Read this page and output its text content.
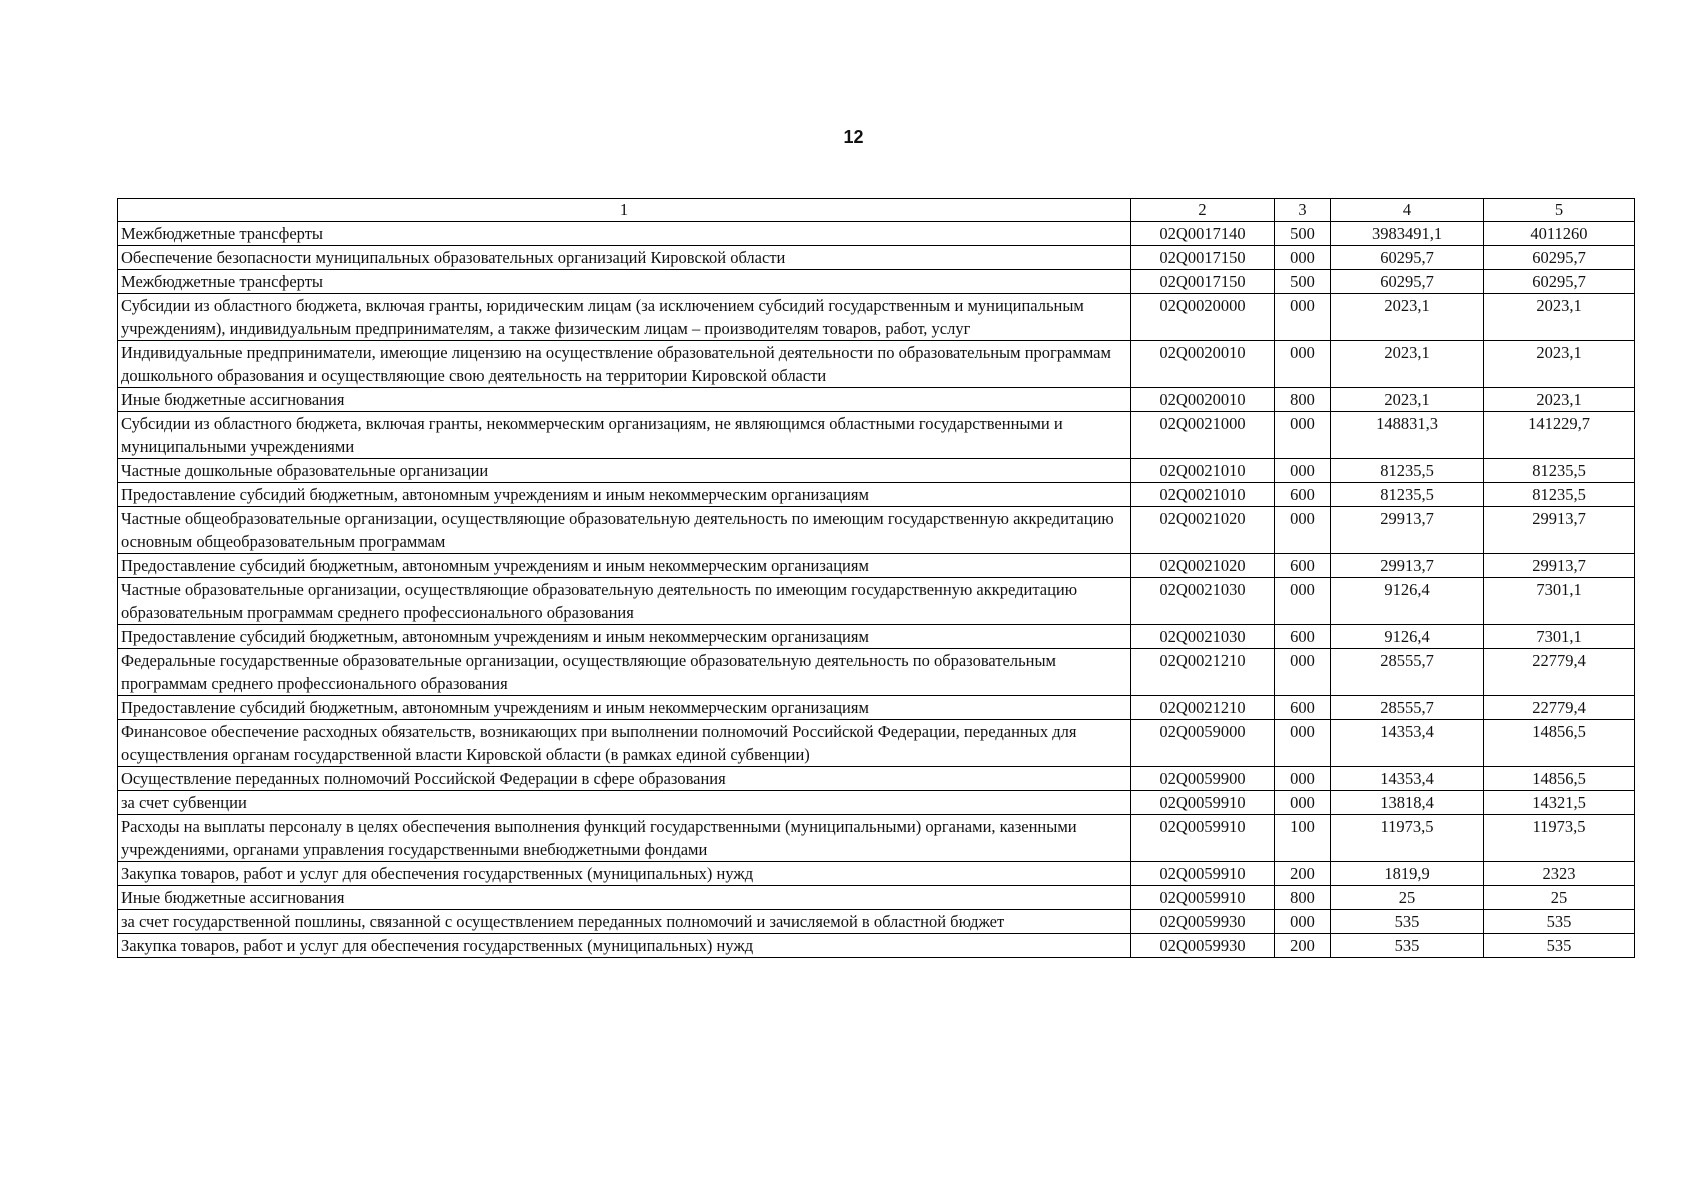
12
1	2	3	4	5
Межбюджетные трансферты	02Q0017140	500	3983491,1	4011260
Обеспечение безопасности муниципальных образовательных организаций Кировской области	02Q0017150	000	60295,7	60295,7
Межбюджетные трансферты	02Q0017150	500	60295,7	60295,7
Субсидии из областного бюджета, включая гранты, юридическим лицам (за исключением субсидий государственным и муниципальным учреждениям), индивидуальным предпринимателям, а также физическим лицам – производителям товаров, работ, услуг	02Q0020000	000	2023,1	2023,1
Индивидуальные предприниматели, имеющие лицензию на осуществление образовательной деятельности по образовательным программам дошкольного образования и осуществляющие свою деятельность на территории Кировской области	02Q0020010	000	2023,1	2023,1
Иные бюджетные ассигнования	02Q0020010	800	2023,1	2023,1
Субсидии из областного бюджета, включая гранты, некоммерческим организациям, не являющимся областными государственными и муниципальными учреждениями	02Q0021000	000	148831,3	141229,7
Частные дошкольные образовательные организации	02Q0021010	000	81235,5	81235,5
Предоставление субсидий бюджетным, автономным учреждениям и иным некоммерческим организациям	02Q0021010	600	81235,5	81235,5
Частные общеобразовательные организации, осуществляющие образовательную деятельность по имеющим государственную аккредитацию основным общеобразовательным программам	02Q0021020	000	29913,7	29913,7
Предоставление субсидий бюджетным, автономным учреждениям и иным некоммерческим организациям	02Q0021020	600	29913,7	29913,7
Частные образовательные организации, осуществляющие образовательную деятельность по имеющим государственную аккредитацию образовательным программам среднего профессионального образования	02Q0021030	000	9126,4	7301,1
Предоставление субсидий бюджетным, автономным учреждениям и иным некоммерческим организациям	02Q0021030	600	9126,4	7301,1
Федеральные государственные образовательные организации, осуществляющие образовательную деятельность по образовательным программам среднего профессионального образования	02Q0021210	000	28555,7	22779,4
Предоставление субсидий бюджетным, автономным учреждениям и иным некоммерческим организациям	02Q0021210	600	28555,7	22779,4
Финансовое обеспечение расходных обязательств, возникающих при выполнении полномочий Российской Федерации, переданных для осуществления органам государственной власти Кировской области (в рамках единой субвенции)	02Q0059000	000	14353,4	14856,5
Осуществление переданных полномочий Российской Федерации в сфере образования	02Q0059900	000	14353,4	14856,5
за счет субвенции	02Q0059910	000	13818,4	14321,5
Расходы на выплаты персоналу в целях обеспечения выполнения функций государственными (муниципальными) органами, казенными учреждениями, органами управления государственными внебюджетными фондами	02Q0059910	100	11973,5	11973,5
Закупка товаров, работ и услуг для обеспечения государственных (муниципальных) нужд	02Q0059910	200	1819,9	2323
Иные бюджетные ассигнования	02Q0059910	800	25	25
за счет государственной пошлины, связанной с осуществлением переданных полномочий и зачисляемой в областной бюджет	02Q0059930	000	535	535
Закупка товаров, работ и услуг для обеспечения государственных (муниципальных) нужд	02Q0059930	200	535	535
